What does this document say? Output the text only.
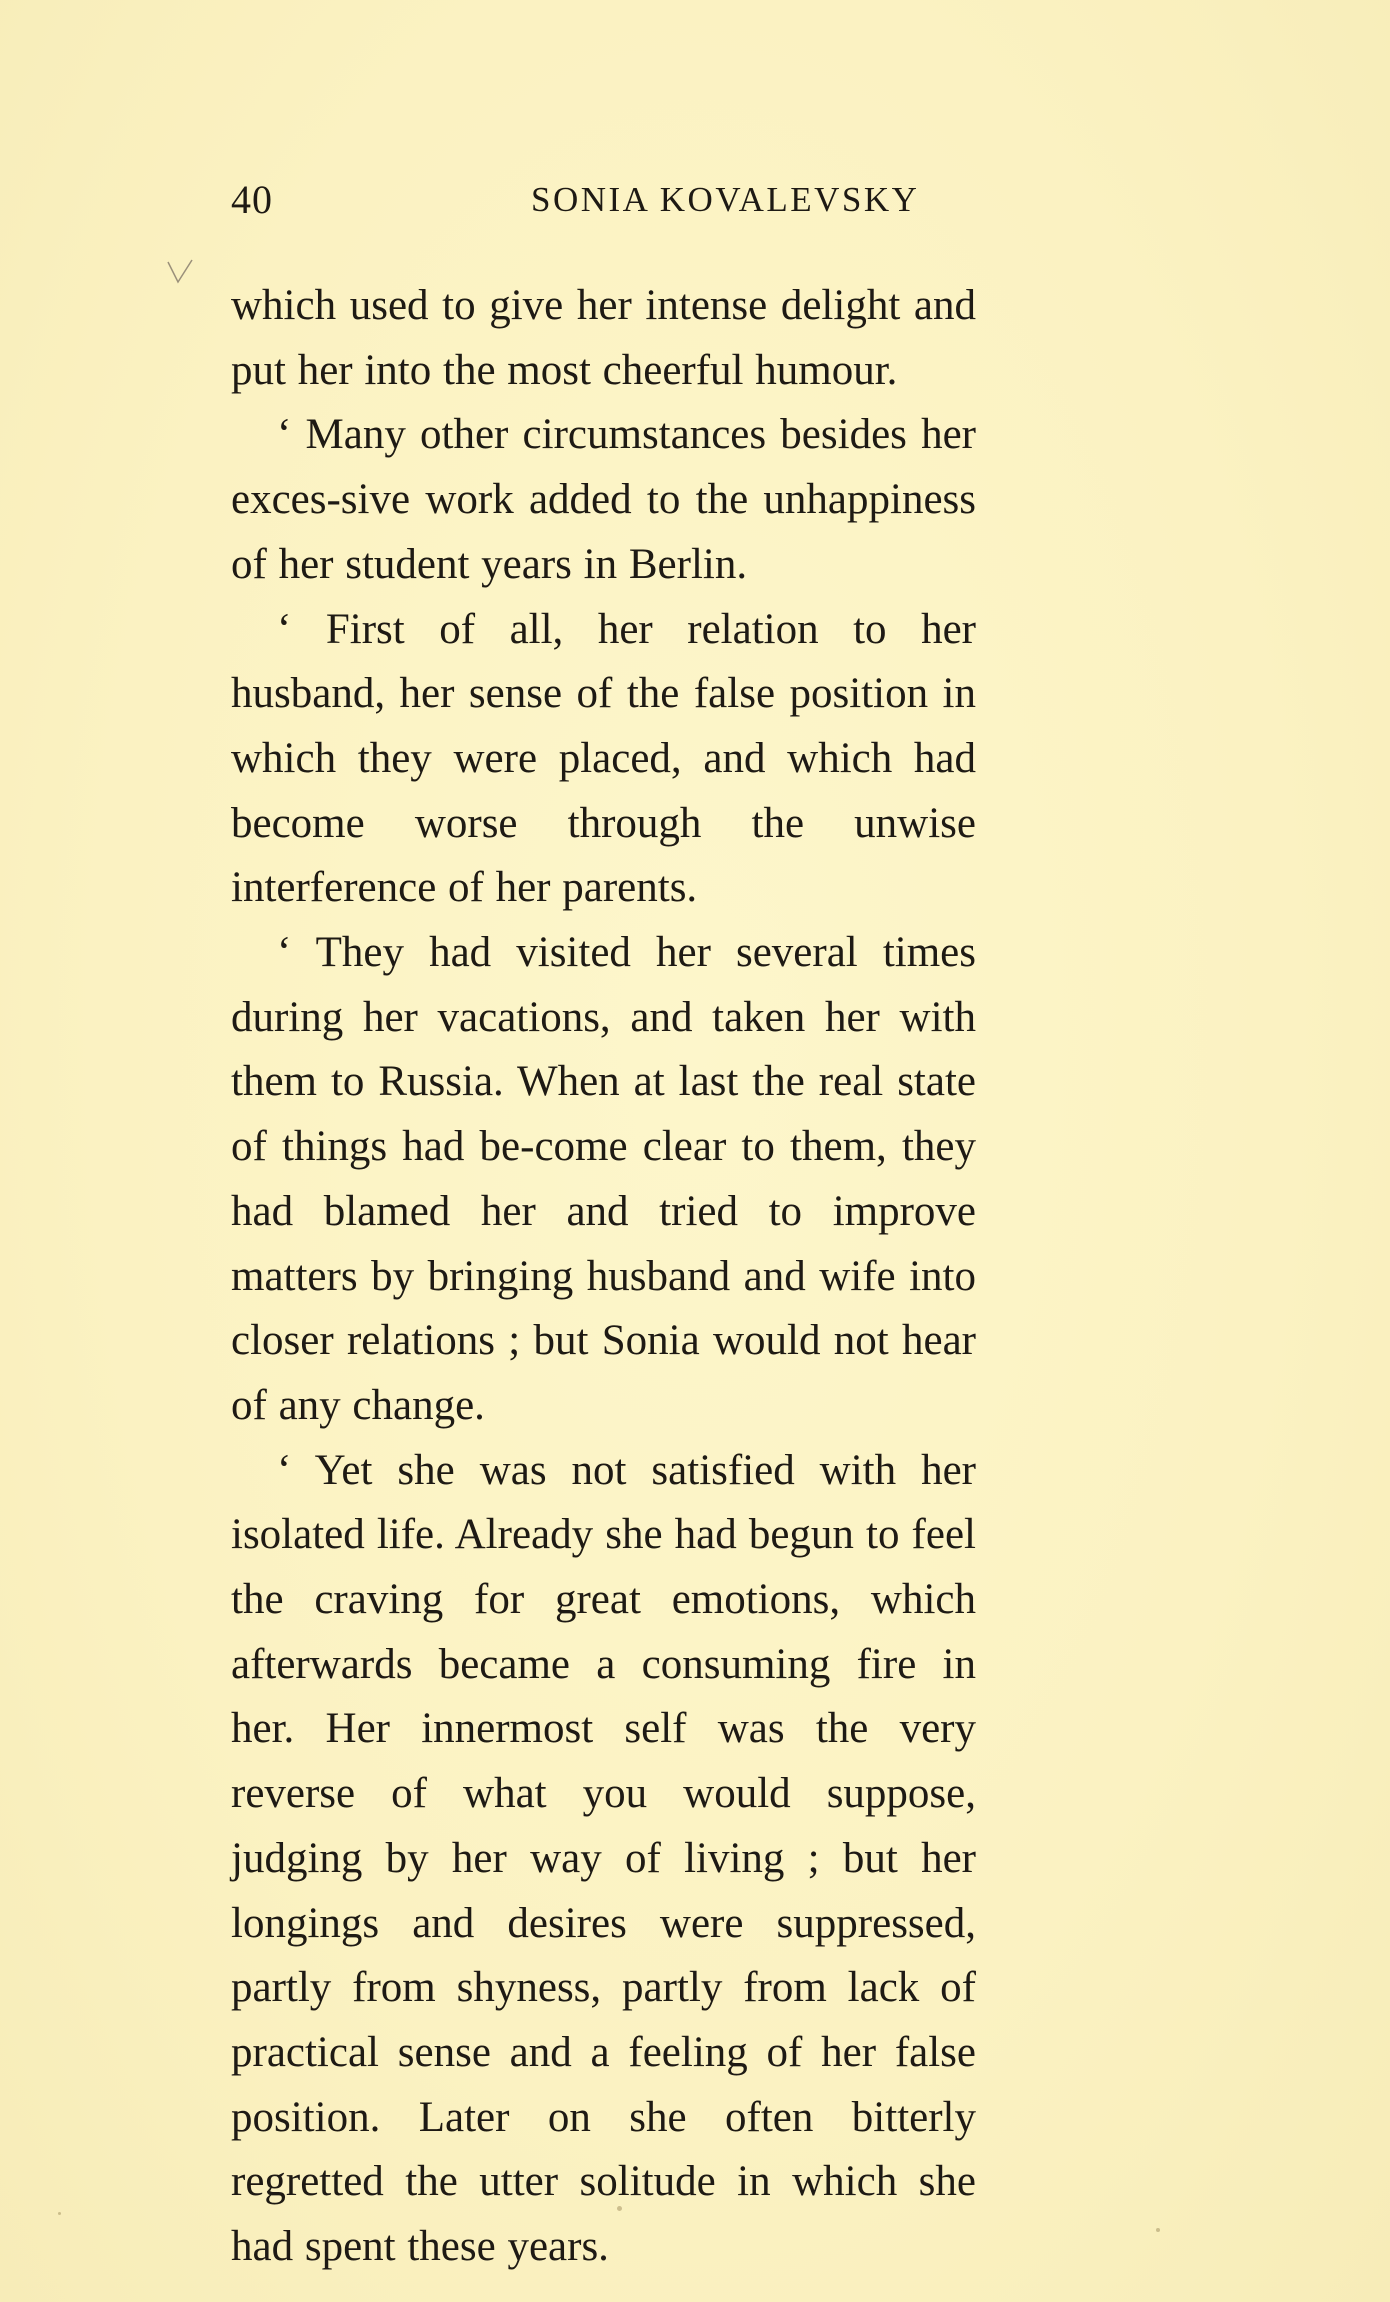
40	SONIA KOVALEVSKY

which used to give her intense delight and put her into the most cheerful humour.

‘ Many other circumstances besides her exces-sive work added to the unhappiness of her student years in Berlin.

‘ First of all, her relation to her husband, her sense of the false position in which they were placed, and which had become worse through the unwise interference of her parents.

‘ They had visited her several times during her vacations, and taken her with them to Russia. When at last the real state of things had be-come clear to them, they had blamed her and tried to improve matters by bringing husband and wife into closer relations ; but Sonia would not hear of any change.

‘ Yet she was not satisfied with her isolated life. Already she had begun to feel the craving for great emotions, which afterwards became a consuming fire in her. Her innermost self was the very reverse of what you would suppose, judging by her way of living ; but her longings and desires were suppressed, partly from shyness, partly from lack of practical sense and a feeling of her false position. Later on she often bitterly regretted the utter solitude in which she had spent these years.
